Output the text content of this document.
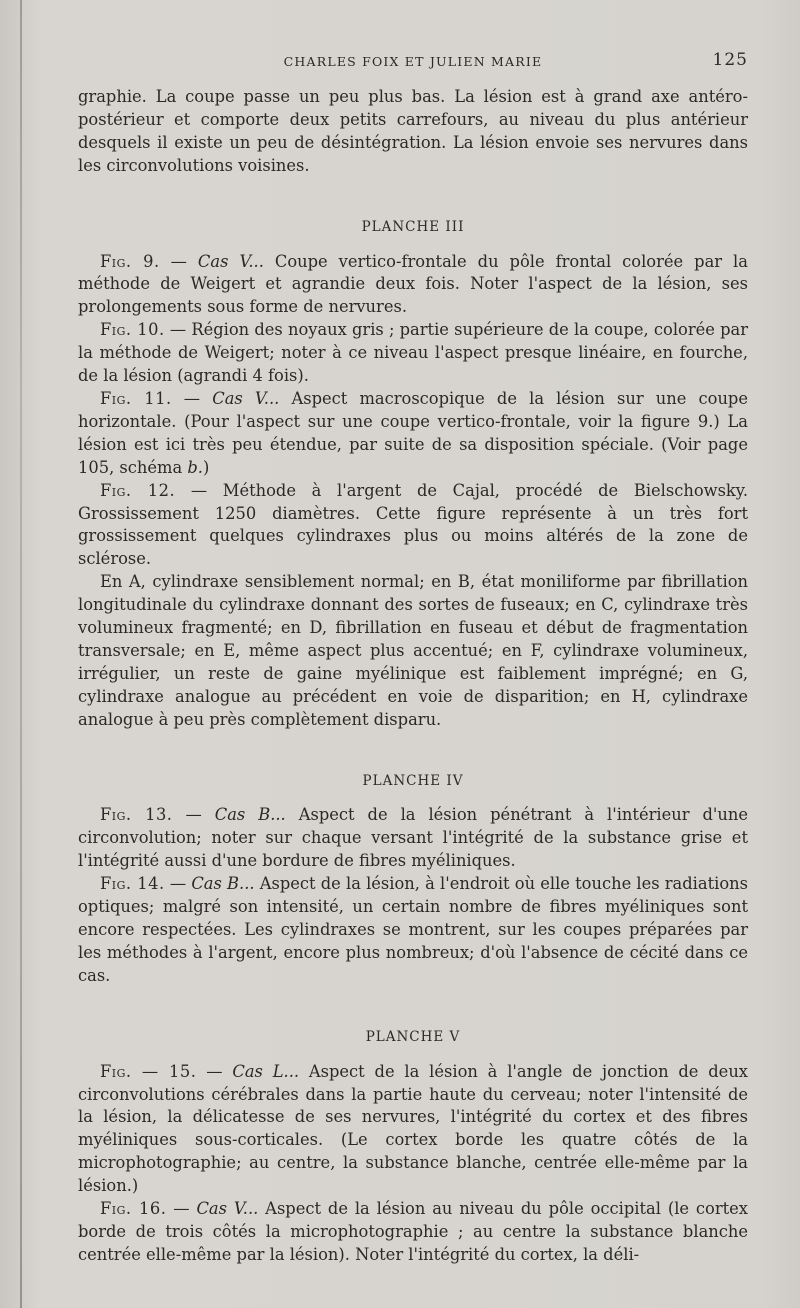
CHARLES FOIX ET JULIEN MARIE	125

graphie. La coupe passe un peu plus bas. La lésion est à grand axe antéro-postérieur et comporte deux petits carrefours, au niveau du plus antérieur desquels il existe un peu de désintégration. La lésion envoie ses nervures dans les circonvolutions voisines.

PLANCHE III

Fig. 9. — Cas V... Coupe vertico-frontale du pôle frontal colorée par la méthode de Weigert et agrandie deux fois. Noter l'aspect de la lésion, ses prolongements sous forme de nervures.

Fig. 10. — Région des noyaux gris ; partie supérieure de la coupe, colorée par la méthode de Weigert; noter à ce niveau l'aspect presque linéaire, en fourche, de la lésion (agrandi 4 fois).

Fig. 11. — Cas V... Aspect macroscopique de la lésion sur une coupe horizontale. (Pour l'aspect sur une coupe vertico-frontale, voir la figure 9.) La lésion est ici très peu étendue, par suite de sa disposition spéciale. (Voir page 105, schéma b.)

Fig. 12. — Méthode à l'argent de Cajal, procédé de Bielschowsky. Grossissement 1250 diamètres. Cette figure représente à un très fort grossissement quelques cylindraxes plus ou moins altérés de la zone de sclérose.

En A, cylindraxe sensiblement normal; en B, état moniliforme par fibrillation longitudinale du cylindraxe donnant des sortes de fuseaux; en C, cylindraxe très volumineux fragmenté; en D, fibrillation en fuseau et début de fragmentation transversale; en E, même aspect plus accentué; en F, cylindraxe volumineux, irrégulier, un reste de gaine myélinique est faiblement imprégné; en G, cylindraxe analogue au précédent en voie de disparition; en H, cylindraxe analogue à peu près complètement disparu.

PLANCHE IV

Fig. 13. — Cas B... Aspect de la lésion pénétrant à l'intérieur d'une circonvolution; noter sur chaque versant l'intégrité de la substance grise et l'intégrité aussi d'une bordure de fibres myéliniques.

Fig. 14. — Cas B... Aspect de la lésion, à l'endroit où elle touche les radiations optiques; malgré son intensité, un certain nombre de fibres myéliniques sont encore respectées. Les cylindraxes se montrent, sur les coupes préparées par les méthodes à l'argent, encore plus nombreux; d'où l'absence de cécité dans ce cas.

PLANCHE V

Fig. — 15. — Cas L... Aspect de la lésion à l'angle de jonction de deux circonvolutions cérébrales dans la partie haute du cerveau; noter l'intensité de la lésion, la délicatesse de ses nervures, l'intégrité du cortex et des fibres myéliniques sous-corticales. (Le cortex borde les quatre côtés de la microphotographie; au centre, la substance blanche, centrée elle-même par la lésion.)

Fig. 16. — Cas V... Aspect de la lésion au niveau du pôle occipital (le cortex borde de trois côtés la microphotographie ; au centre la substance blanche centrée elle-même par la lésion). Noter l'intégrité du cortex, la déli-
